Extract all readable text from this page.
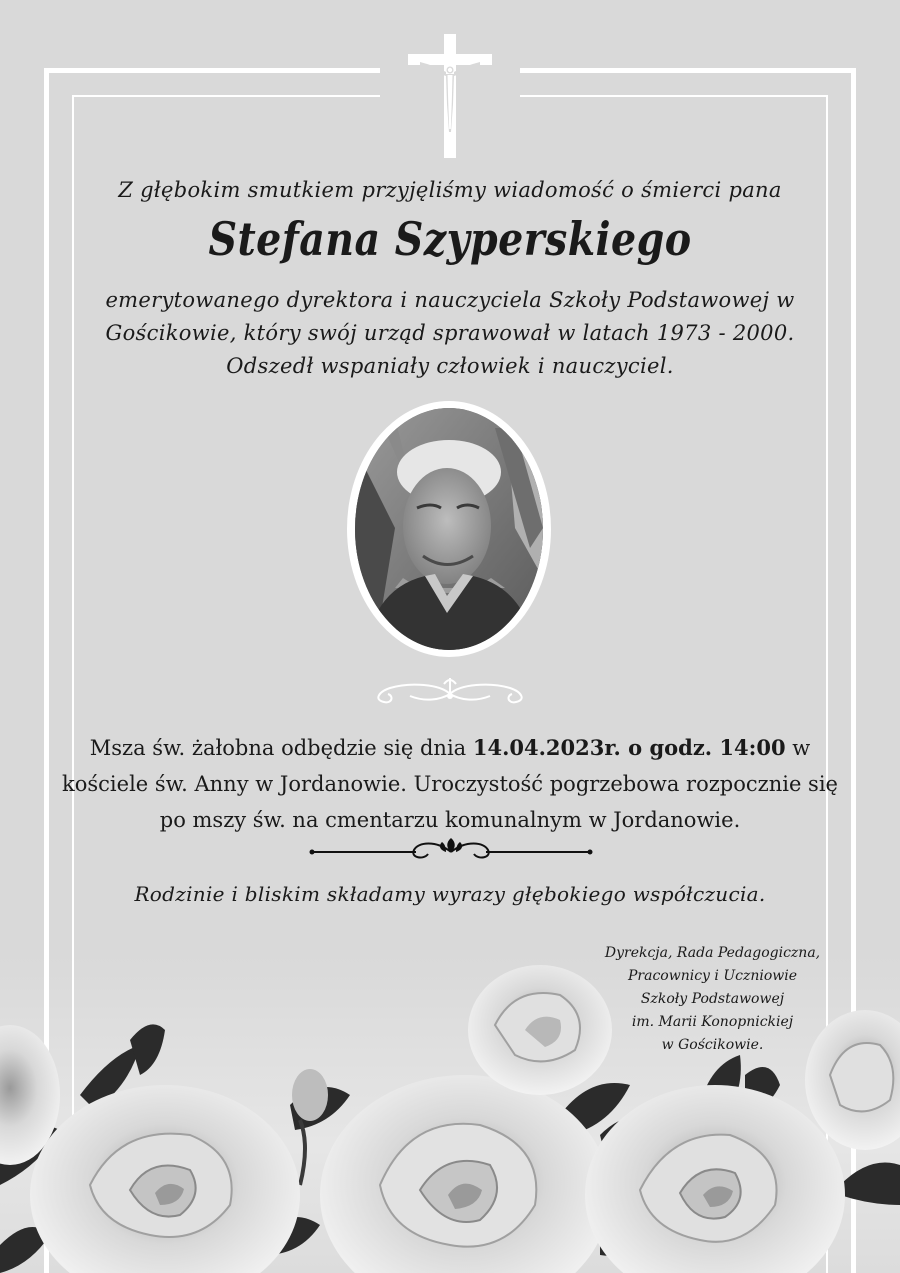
Z głębokim smutkiem przyjęliśmy wiadomość o śmierci pana
Stefana Szyperskiego
emerytowanego dyrektora i nauczyciela Szkoły Podstawowej w
Gościkowie, który swój urząd sprawował w latach 1973 - 2000.
Odszedł wspaniały człowiek i nauczyciel.
Msza św. żałobna odbędzie się dnia 14.04.2023r. o godz. 14:00 w
kościele św. Anny w Jordanowie. Uroczystość pogrzebowa rozpocznie się
po mszy św. na cmentarzu komunalnym w Jordanowie.
Rodzinie i bliskim składamy wyrazy głębokiego współczucia.
Dyrekcja, Rada Pedagogiczna,
Pracownicy i Uczniowie
Szkoły Podstawowej
im. Marii Konopnickiej
w Gościkowie.
